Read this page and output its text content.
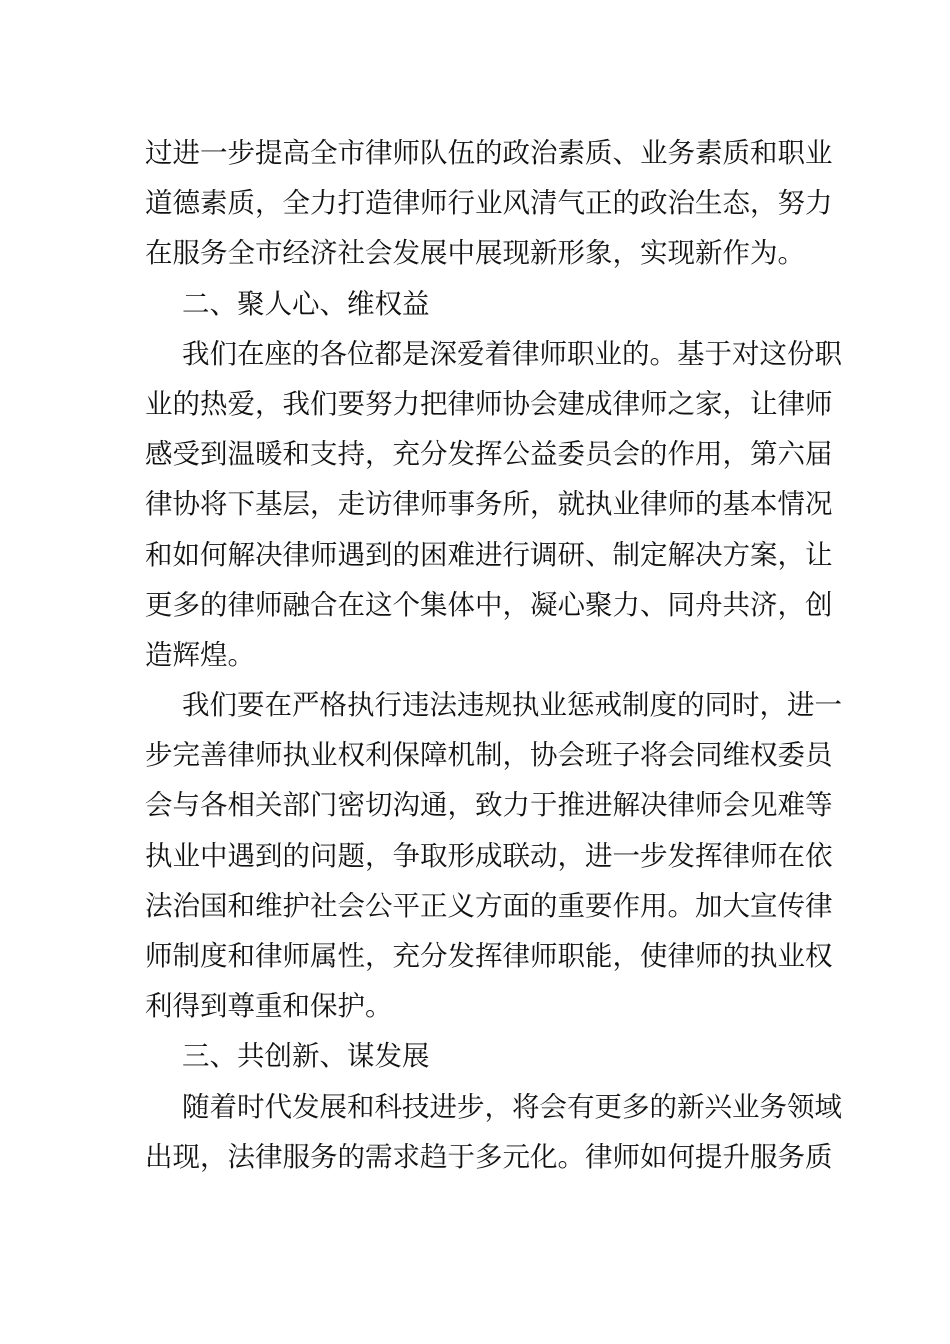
过进一步提高全市律师队伍的政治素质、业务素质和职业
道德素质，全力打造律师行业风清气正的政治生态，努力
在服务全市经济社会发展中展现新形象，实现新作为。
二、聚人心、维权益
我们在座的各位都是深爱着律师职业的。基于对这份职
业的热爱，我们要努力把律师协会建成律师之家，让律师
感受到温暖和支持，充分发挥公益委员会的作用，第六届
律协将下基层，走访律师事务所，就执业律师的基本情况
和如何解决律师遇到的困难进行调研、制定解决方案，让
更多的律师融合在这个集体中，凝心聚力、同舟共济，创
造辉煌。
我们要在严格执行违法违规执业惩戒制度的同时，进一
步完善律师执业权利保障机制，协会班子将会同维权委员
会与各相关部门密切沟通，致力于推进解决律师会见难等
执业中遇到的问题，争取形成联动，进一步发挥律师在依
法治国和维护社会公平正义方面的重要作用。加大宣传律
师制度和律师属性，充分发挥律师职能，使律师的执业权
利得到尊重和保护。
三、共创新、谋发展
随着时代发展和科技进步，将会有更多的新兴业务领域
出现，法律服务的需求趋于多元化。律师如何提升服务质
